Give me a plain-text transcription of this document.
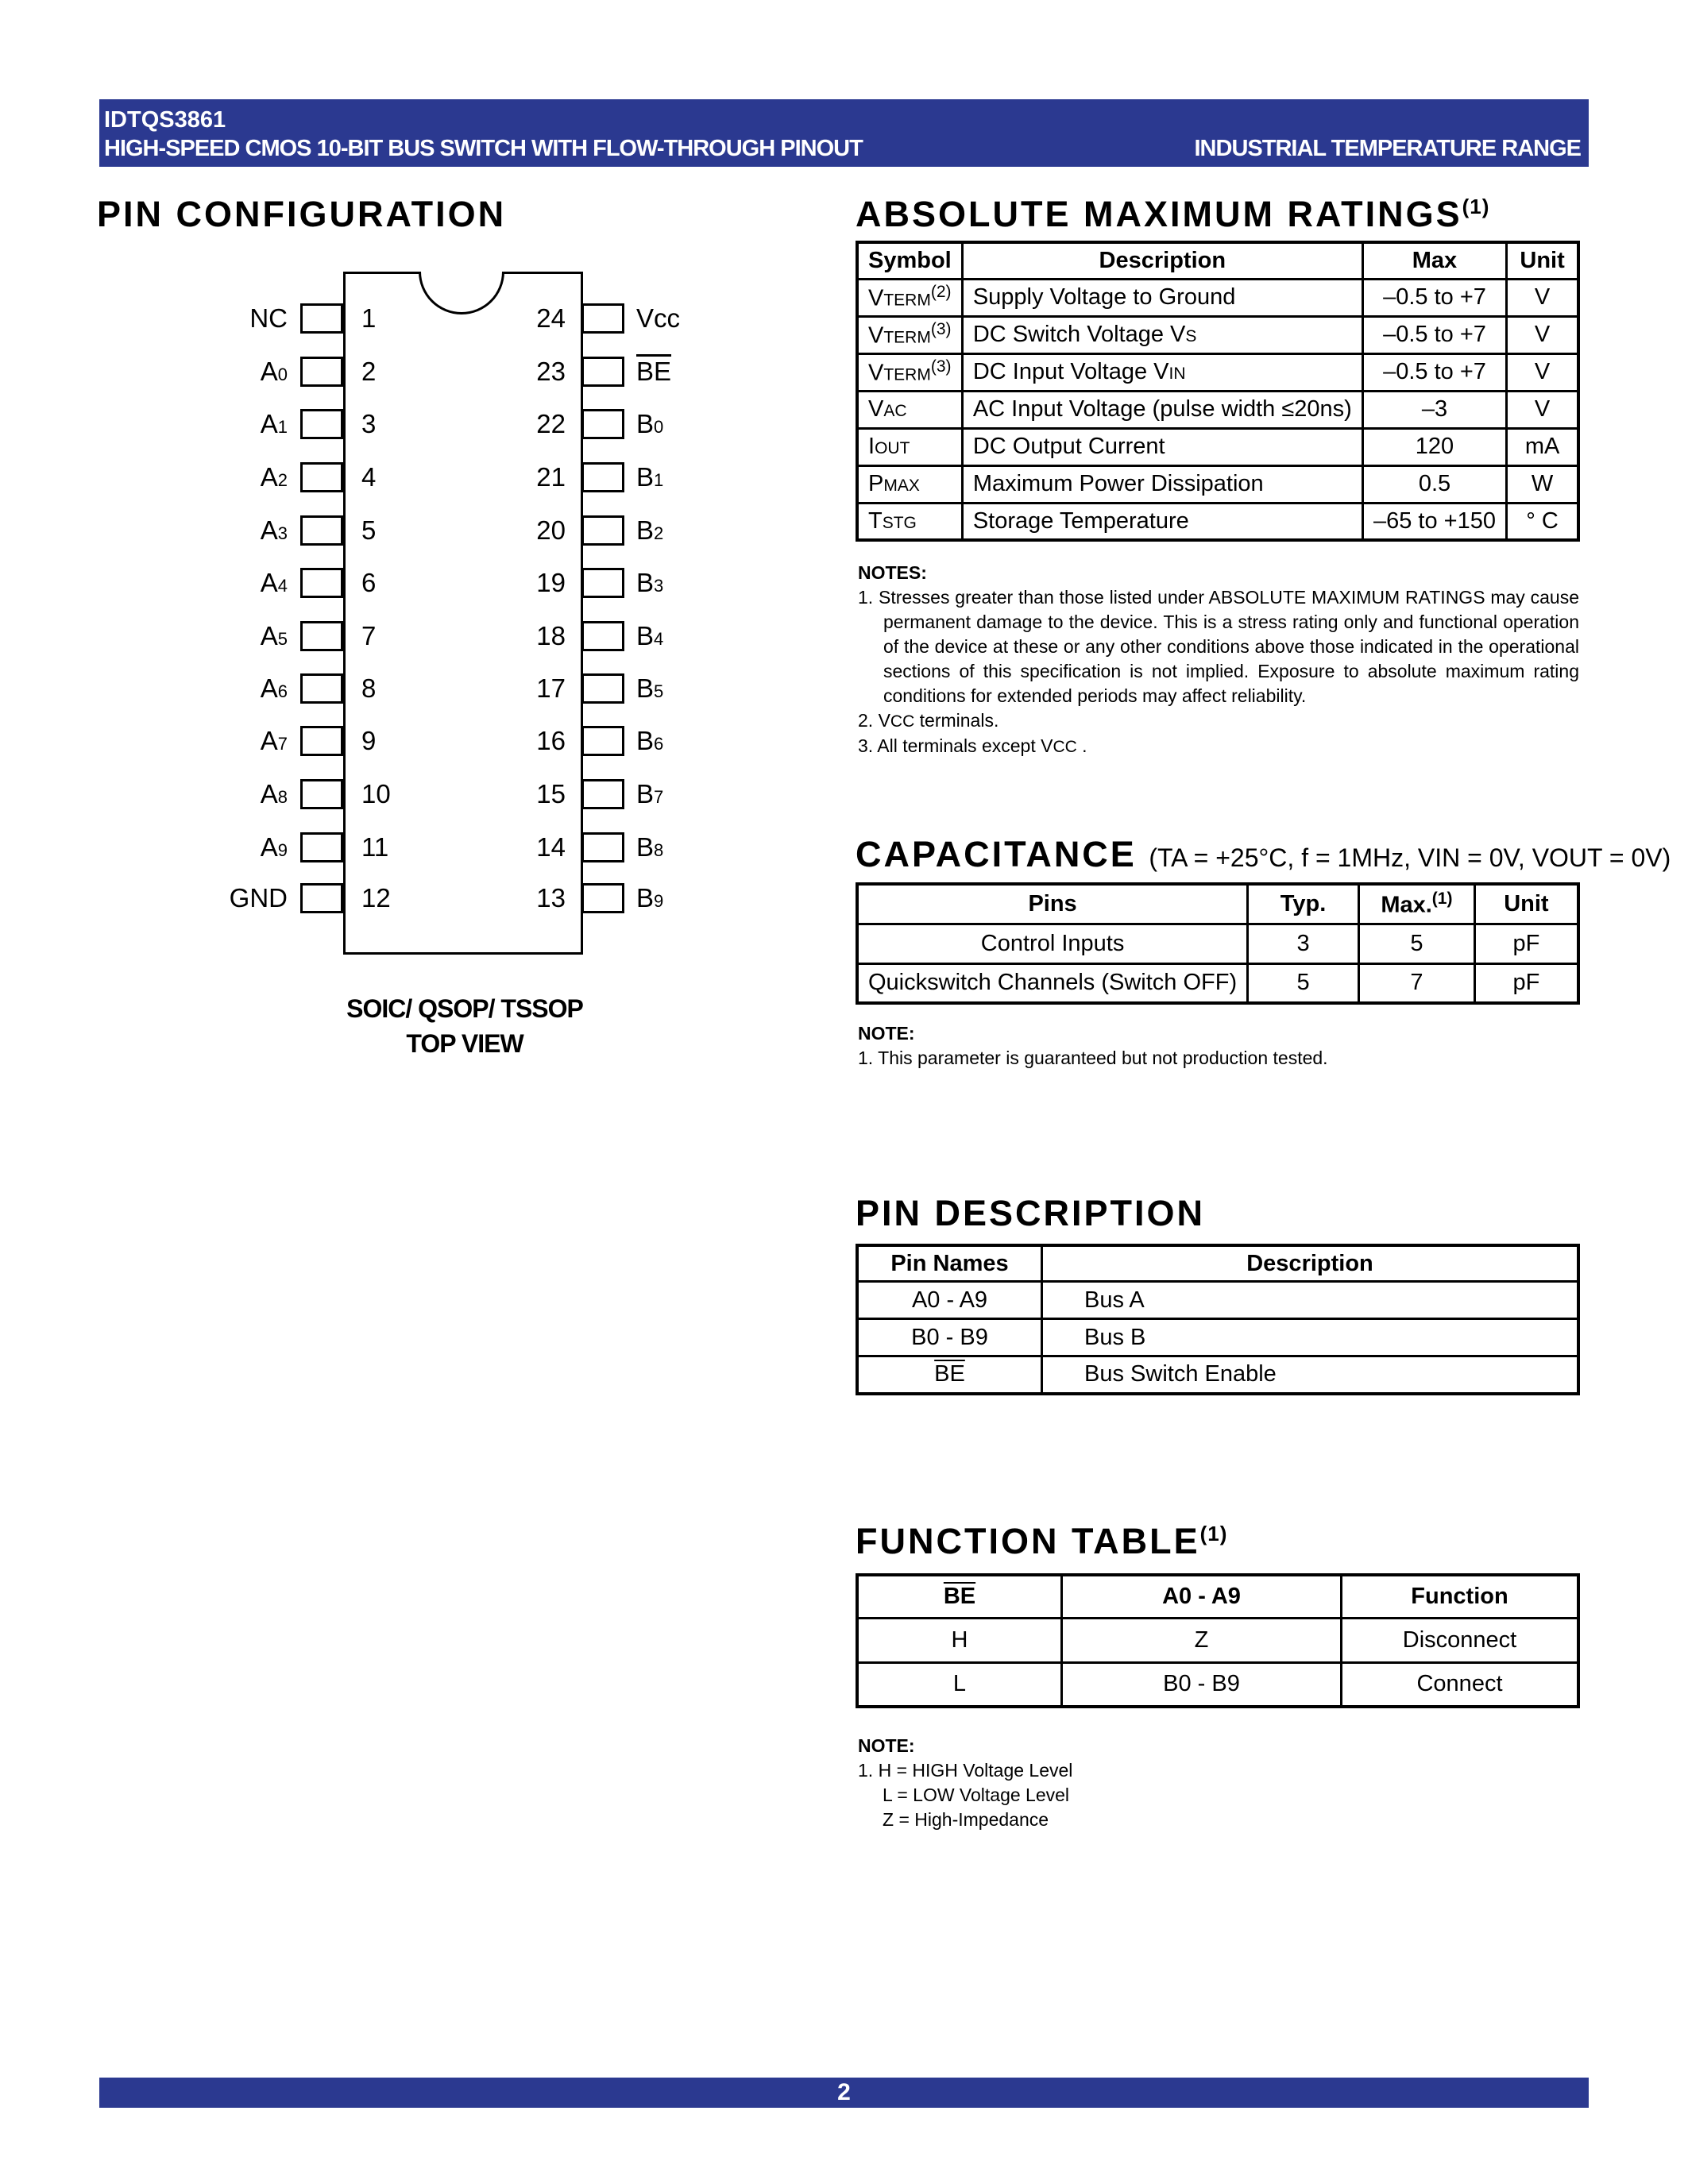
IDTQS3861
HIGH-SPEED CMOS 10-BIT BUS SWITCH WITH FLOW-THROUGH PINOUT	INDUSTRIAL TEMPERATURE RANGE
PIN CONFIGURATION
NC	1
A0	2
A1	3
A2	4
A3	5
A4	6
A5	7
A6	8
A7	9
A8	10
A9	11
GND	12
24	Vcc
23	$\overline{BE}$
22	B0
21	B1
20	B2
19	B3
18	B4
17	B5
16	B6
15	B7
14	B8
13	B9
SOIC/ QSOP/ TSSOP
TOP VIEW
ABSOLUTE MAXIMUM RATINGS$^{(1)}$
Symbol	Description	Max	Unit
VTERM$^{(2)}$	Supply Voltage to Ground	–0.5 to +7	V
VTERM$^{(3)}$	DC Switch Voltage VS	–0.5 to +7	V
VTERM$^{(3)}$	DC Input Voltage VIN	–0.5 to +7	V
VAC	AC Input Voltage (pulse width ≤20ns)	–3	V
IOUT	DC Output Current	120	mA
PMAX	Maximum Power Dissipation	0.5	W
TSTG	Storage Temperature	–65 to +150	° C
NOTES:
1. Stresses greater than those listed under ABSOLUTE MAXIMUM RATINGS may cause permanent damage to the device. This is a stress rating only and functional operation of the device at these or any other conditions above those indicated in the operational sections of this specification is not implied. Exposure to absolute maximum rating conditions for extended periods may affect reliability.
2. VCC terminals.
3. All terminals except VCC .
CAPACITANCE (TA = +25°C, f = 1MHz, VIN = 0V, VOUT = 0V)
Pins	Typ.	Max.$^{(1)}$	Unit
Control Inputs	3	5	pF
Quickswitch Channels (Switch OFF)	5	7	pF
NOTE:
1. This parameter is guaranteed but not production tested.
PIN DESCRIPTION
Pin Names	Description
A0 - A9	Bus A
B0 - B9	Bus B
$\overline{BE}$	Bus Switch Enable
FUNCTION TABLE$^{(1)}$
$\overline{BE}$	A0 - A9	Function
H	Z	Disconnect
L	B0 - B9	Connect
NOTE:
1. H = HIGH Voltage Level
L = LOW Voltage Level
Z = High-Impedance
2
